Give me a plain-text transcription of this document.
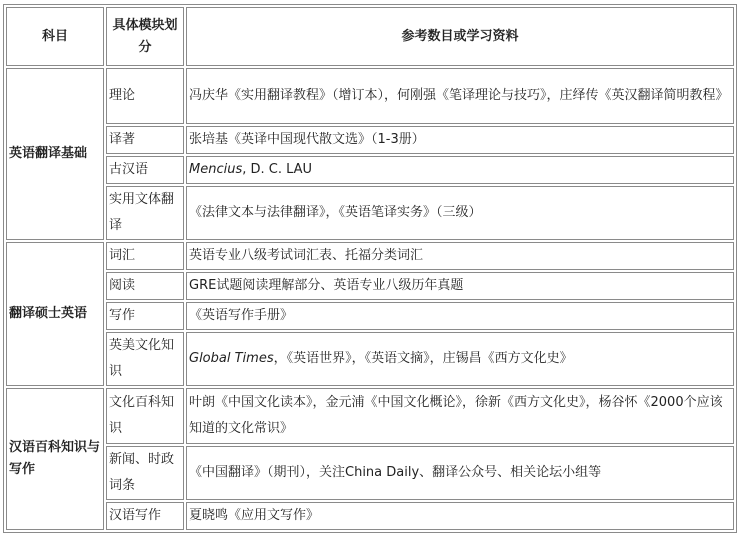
科目	具体模块划分	参考数目或学习资料
英语翻译基础	理论	冯庆华《实用翻译教程》（增订本），何刚强《笔译理论与技巧》，庄绎传《英汉翻译简明教程》
	译著	张培基《英译中国现代散文选》（1-3册）
	古汉语	Mencius, D. C. LAU
	实用文体翻译	《法律文本与法律翻译》，《英语笔译实务》（三级）
翻译硕士英语	词汇	英语专业八级考试词汇表、托福分类词汇
	阅读	GRE试题阅读理解部分、英语专业八级历年真题
	写作	《英语写作手册》
	英美文化知识	Global Times，《英语世界》，《英语文摘》，庄锡昌《西方文化史》
汉语百科知识与写作	文化百科知识	叶朗《中国文化读本》，金元浦《中国文化概论》，徐新《西方文化史》，杨谷怀《2000个应该知道的文化常识》
	新闻、时政词条	《中国翻译》（期刊），关注China Daily、翻译公众号、相关论坛小组等
	汉语写作	夏晓鸣《应用文写作》
